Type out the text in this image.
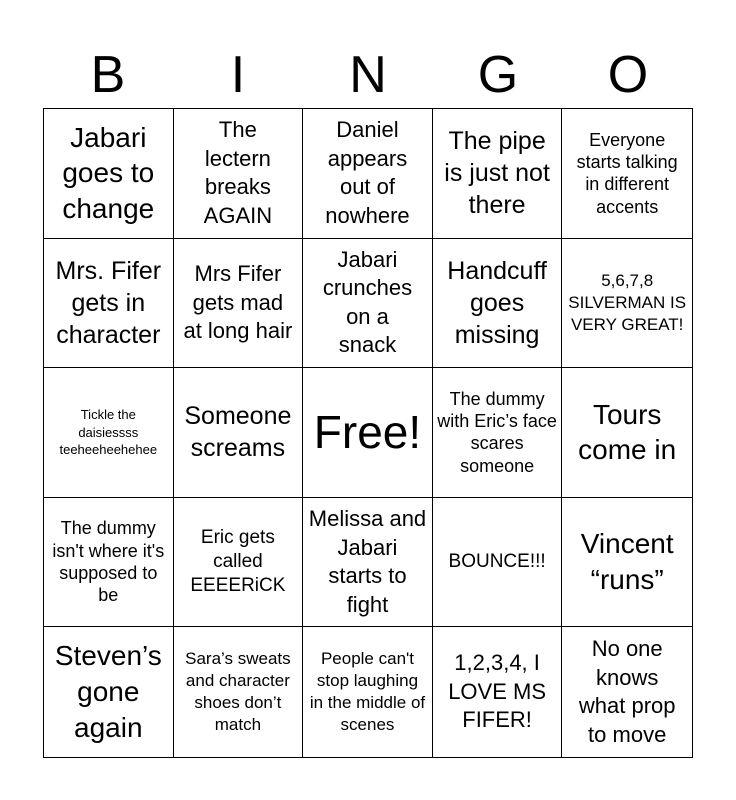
B	I	N	G	O
Jabari goes to change
The lectern breaks AGAIN
Daniel appears out of nowhere
The pipe is just not there
Everyone starts talking in different accents
Mrs. Fifer gets in character
Mrs Fifer gets mad at long hair
Jabari crunches on a snack
Handcuff goes missing
5,6,7,8 SILVERMAN IS VERY GREAT!
Tickle the daisiessss teeheeheehehee
Someone screams Free!
The dummy with Eric’s face scares someone
Tours come in
The dummy isn't where it's supposed to be
Eric gets called EEEERiCK
Melissa and Jabari starts to fight
BOUNCE!!!
Vincent “runs”
Steven’s gone again
Sara’s sweats and character shoes don’t match
People can't stop laughing in the middle of scenes
1,2,3,4, I LOVE MS FIFER!
No one knows what prop to move
